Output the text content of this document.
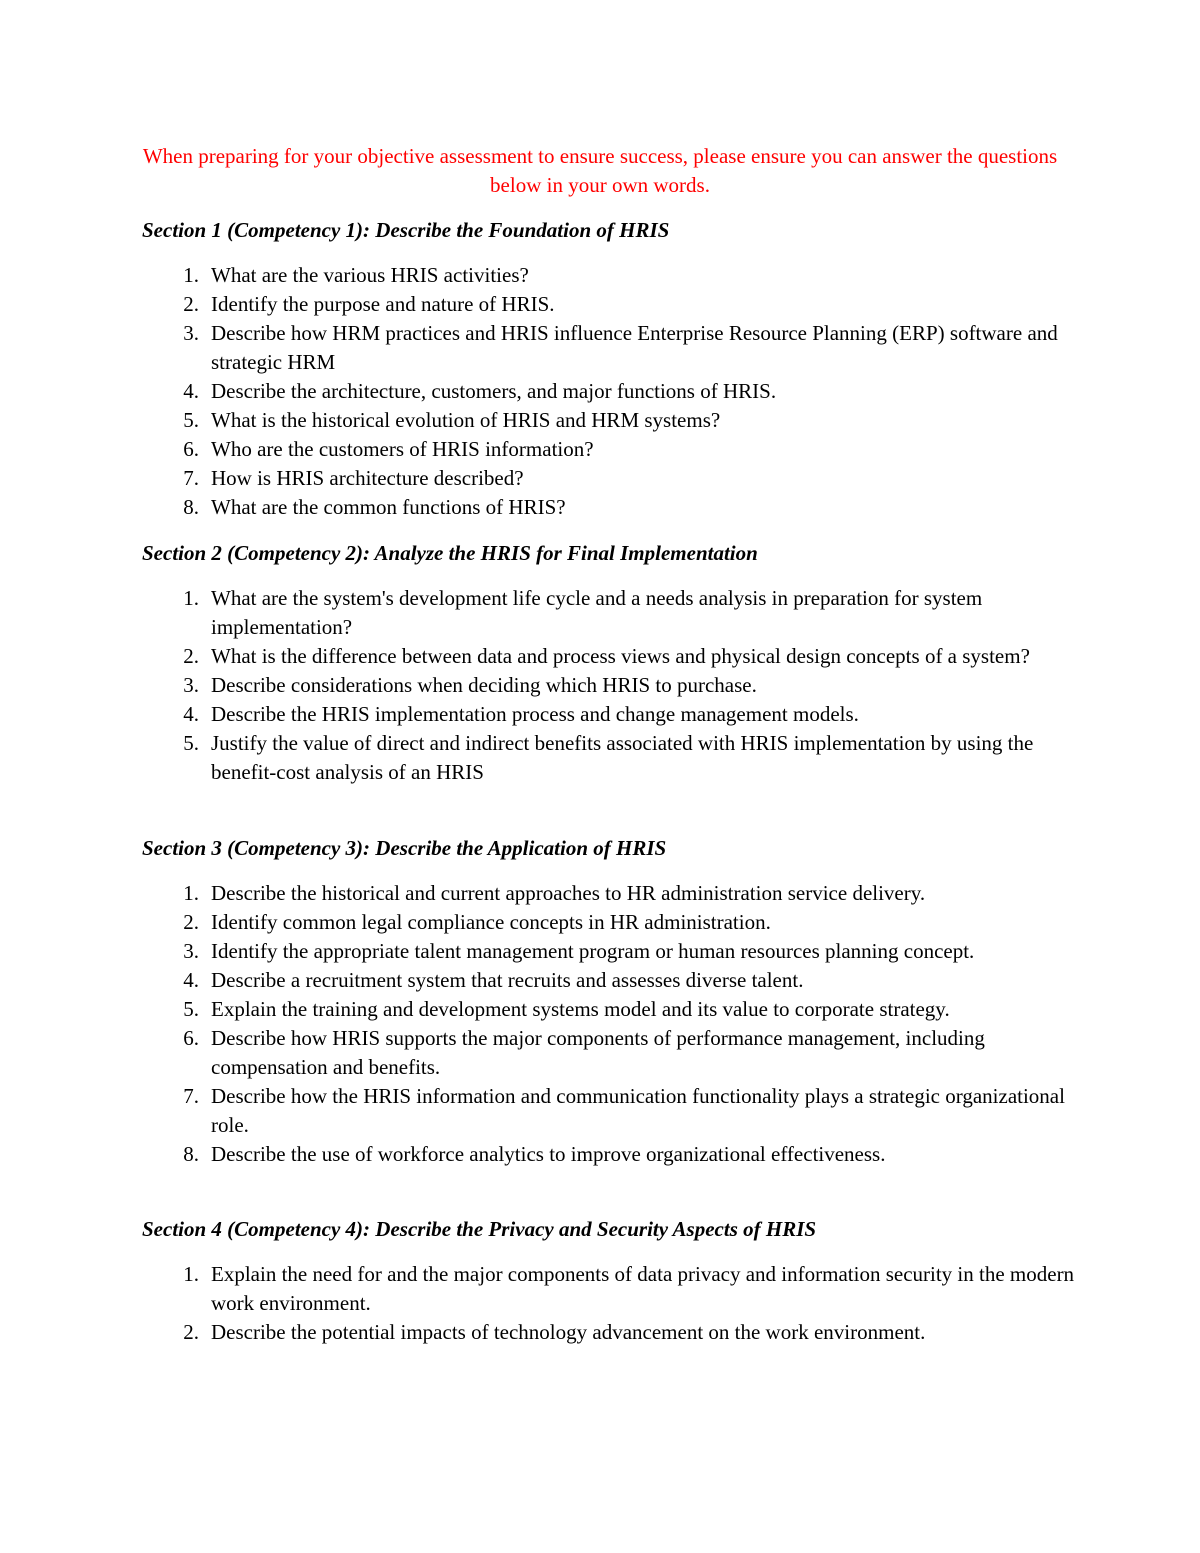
When preparing for your objective assessment to ensure success, please ensure you can answer the questions below in your own words.

Section 1 (Competency 1): Describe the Foundation of HRIS
1. What are the various HRIS activities?
2. Identify the purpose and nature of HRIS.
3. Describe how HRM practices and HRIS influence Enterprise Resource Planning (ERP) software and strategic HRM
4. Describe the architecture, customers, and major functions of HRIS.
5. What is the historical evolution of HRIS and HRM systems?
6. Who are the customers of HRIS information?
7. How is HRIS architecture described?
8. What are the common functions of HRIS?
Section 2 (Competency 2): Analyze the HRIS for Final Implementation
1. What are the system's development life cycle and a needs analysis in preparation for system implementation?
2. What is the difference between data and process views and physical design concepts of a system?
3. Describe considerations when deciding which HRIS to purchase.
4. Describe the HRIS implementation process and change management models.
5. Justify the value of direct and indirect benefits associated with HRIS implementation by using the benefit-cost analysis of an HRIS
Section 3 (Competency 3): Describe the Application of HRIS
1. Describe the historical and current approaches to HR administration service delivery.
2. Identify common legal compliance concepts in HR administration.
3. Identify the appropriate talent management program or human resources planning concept.
4. Describe a recruitment system that recruits and assesses diverse talent.
5. Explain the training and development systems model and its value to corporate strategy.
6. Describe how HRIS supports the major components of performance management, including compensation and benefits.
7. Describe how the HRIS information and communication functionality plays a strategic organizational role.
8. Describe the use of workforce analytics to improve organizational effectiveness.
Section 4 (Competency 4): Describe the Privacy and Security Aspects of HRIS
1. Explain the need for and the major components of data privacy and information security in the modern work environment.
2. Describe the potential impacts of technology advancement on the work environment.
